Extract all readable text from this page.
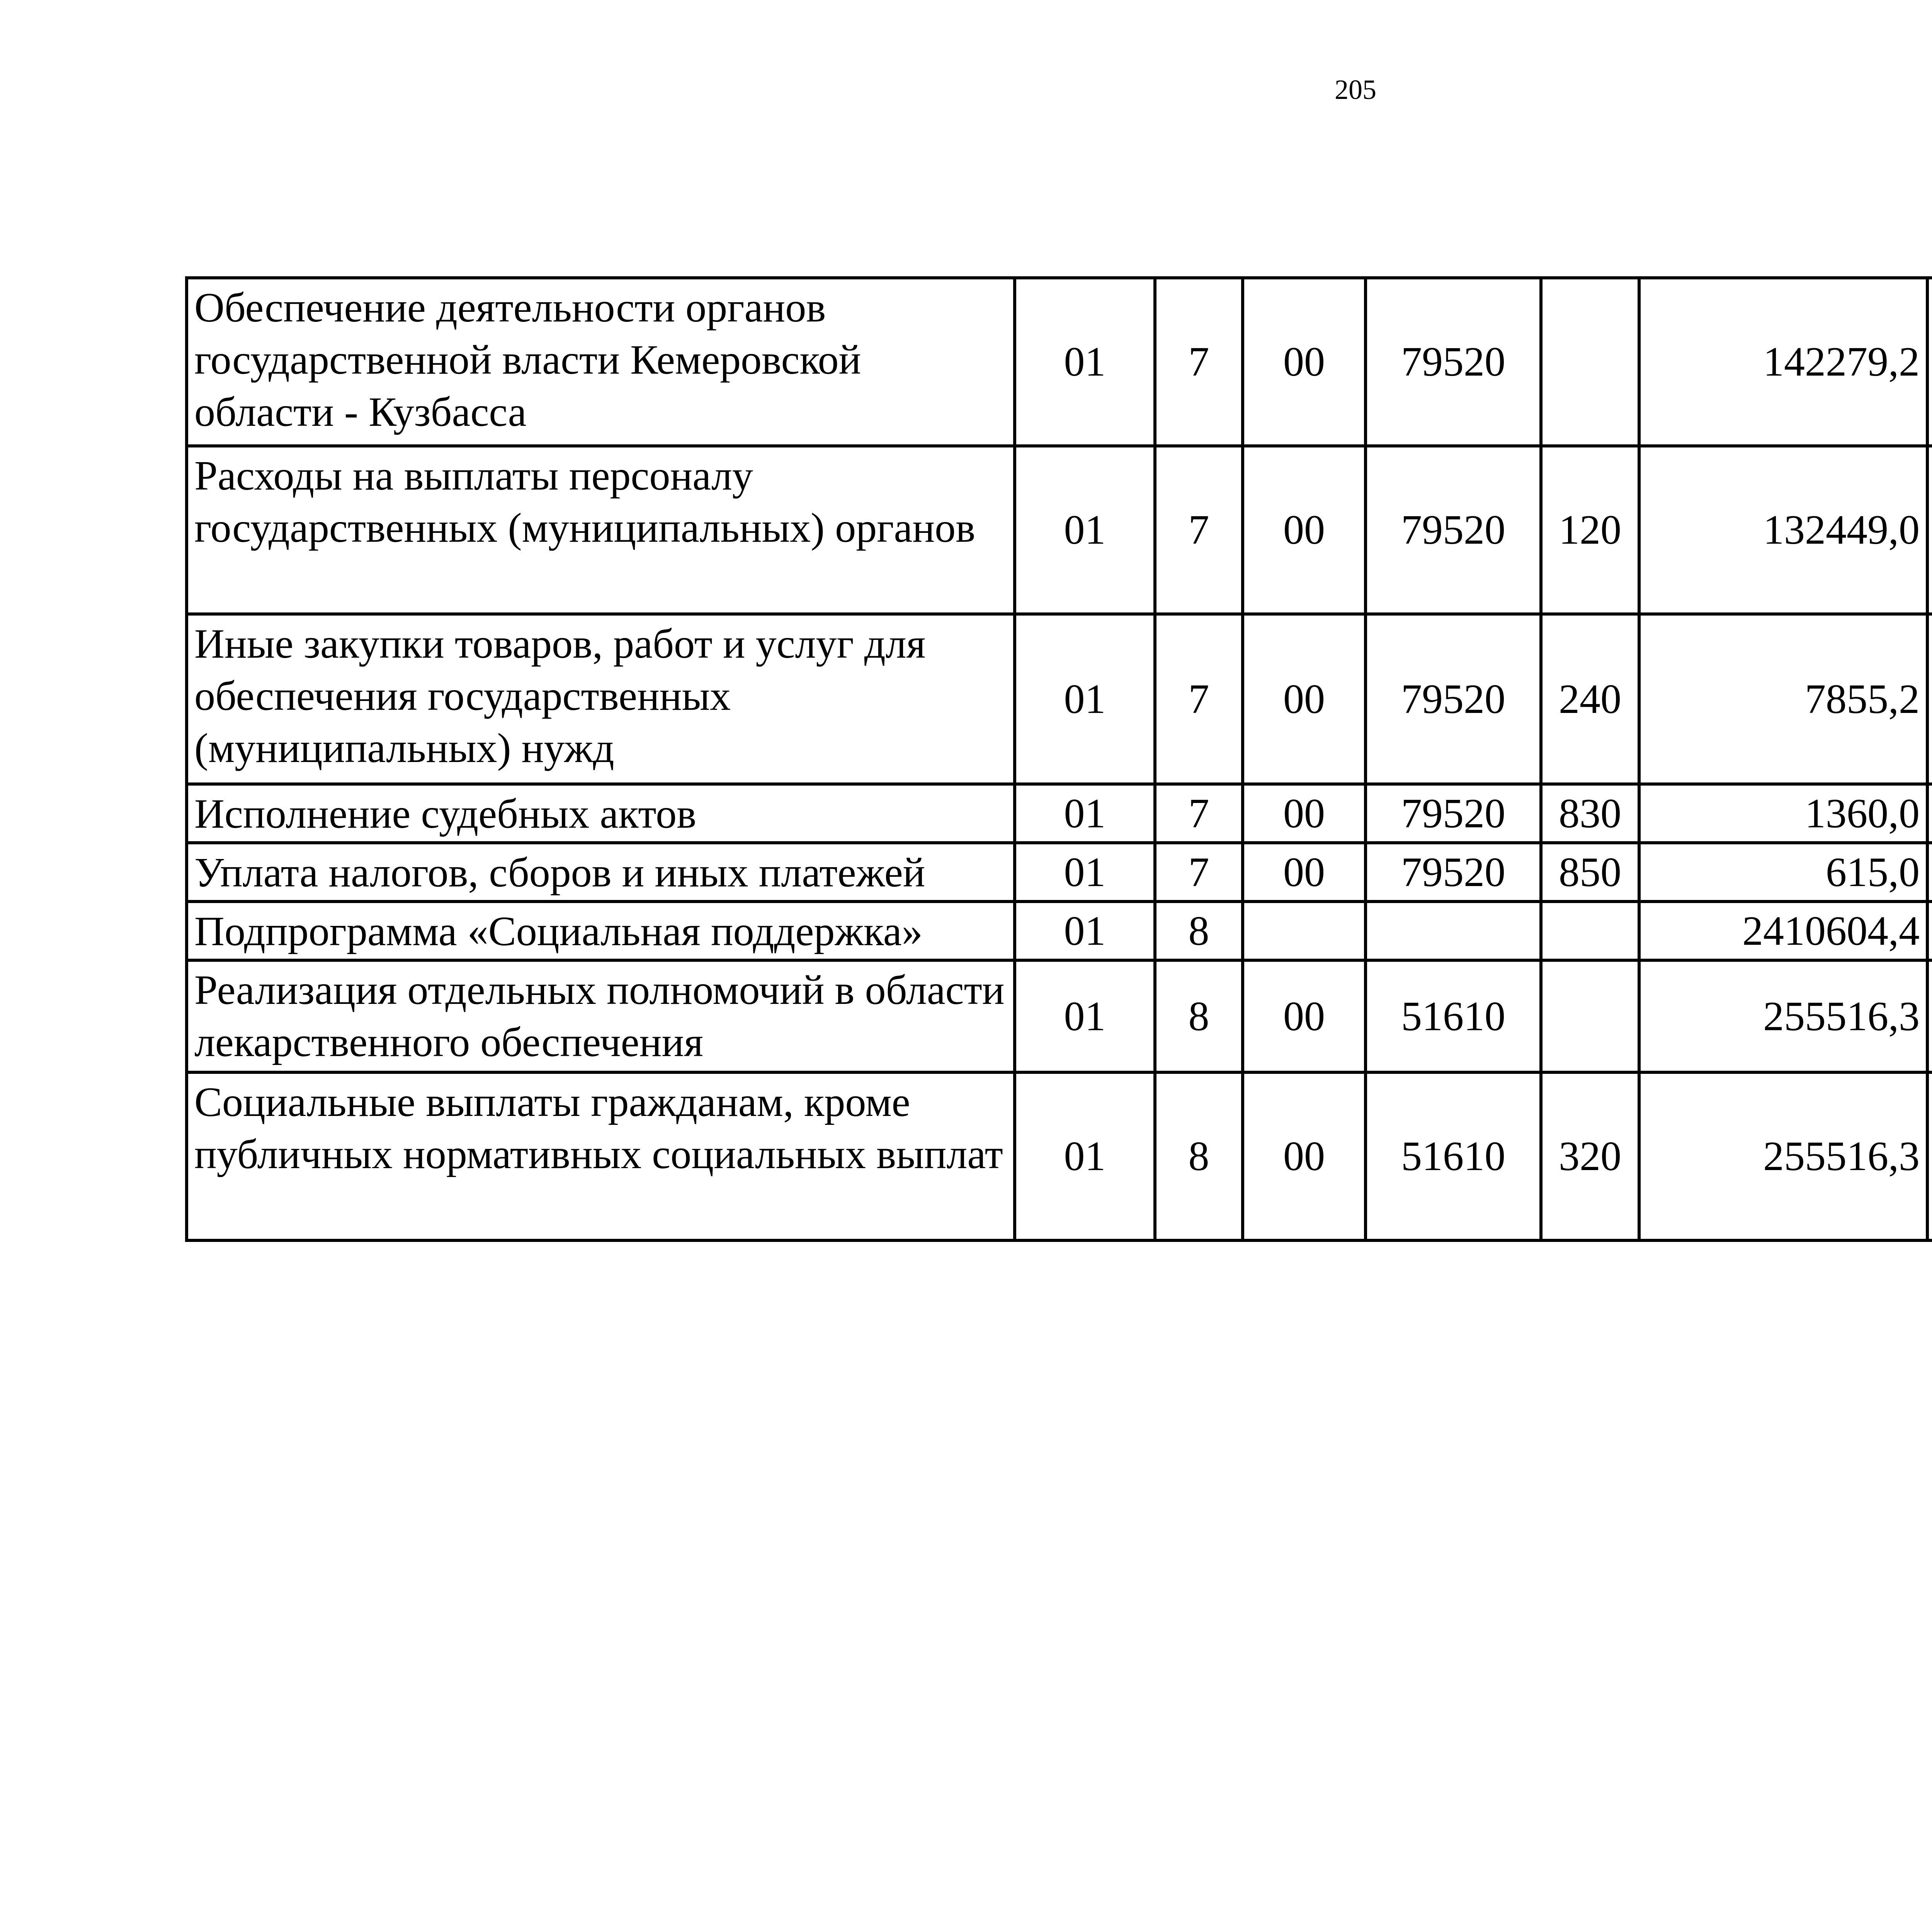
205
Обеспечение деятельности органов государственной власти Кемеровской области - Кузбасса	01	7	00	79520		142279,2		
Расходы на выплаты персоналу государственных (муниципальных) органов	01	7	00	79520	120	132449,0		
Иные закупки товаров, работ и услуг для обеспечения государственных (муниципальных) нужд	01	7	00	79520	240	7855,2		
Исполнение судебных актов	01	7	00	79520	830	1360,0		
Уплата налогов, сборов и иных платежей	01	7	00	79520	850	615,0		
Подпрограмма «Социальная поддержка»	01	8				2410604,4		
Реализация отдельных полномочий в области лекарственного обеспечения	01	8	00	51610		255516,3		
Социальные выплаты гражданам, кроме публичных нормативных социальных выплат	01	8	00	51610	320	255516,3		
